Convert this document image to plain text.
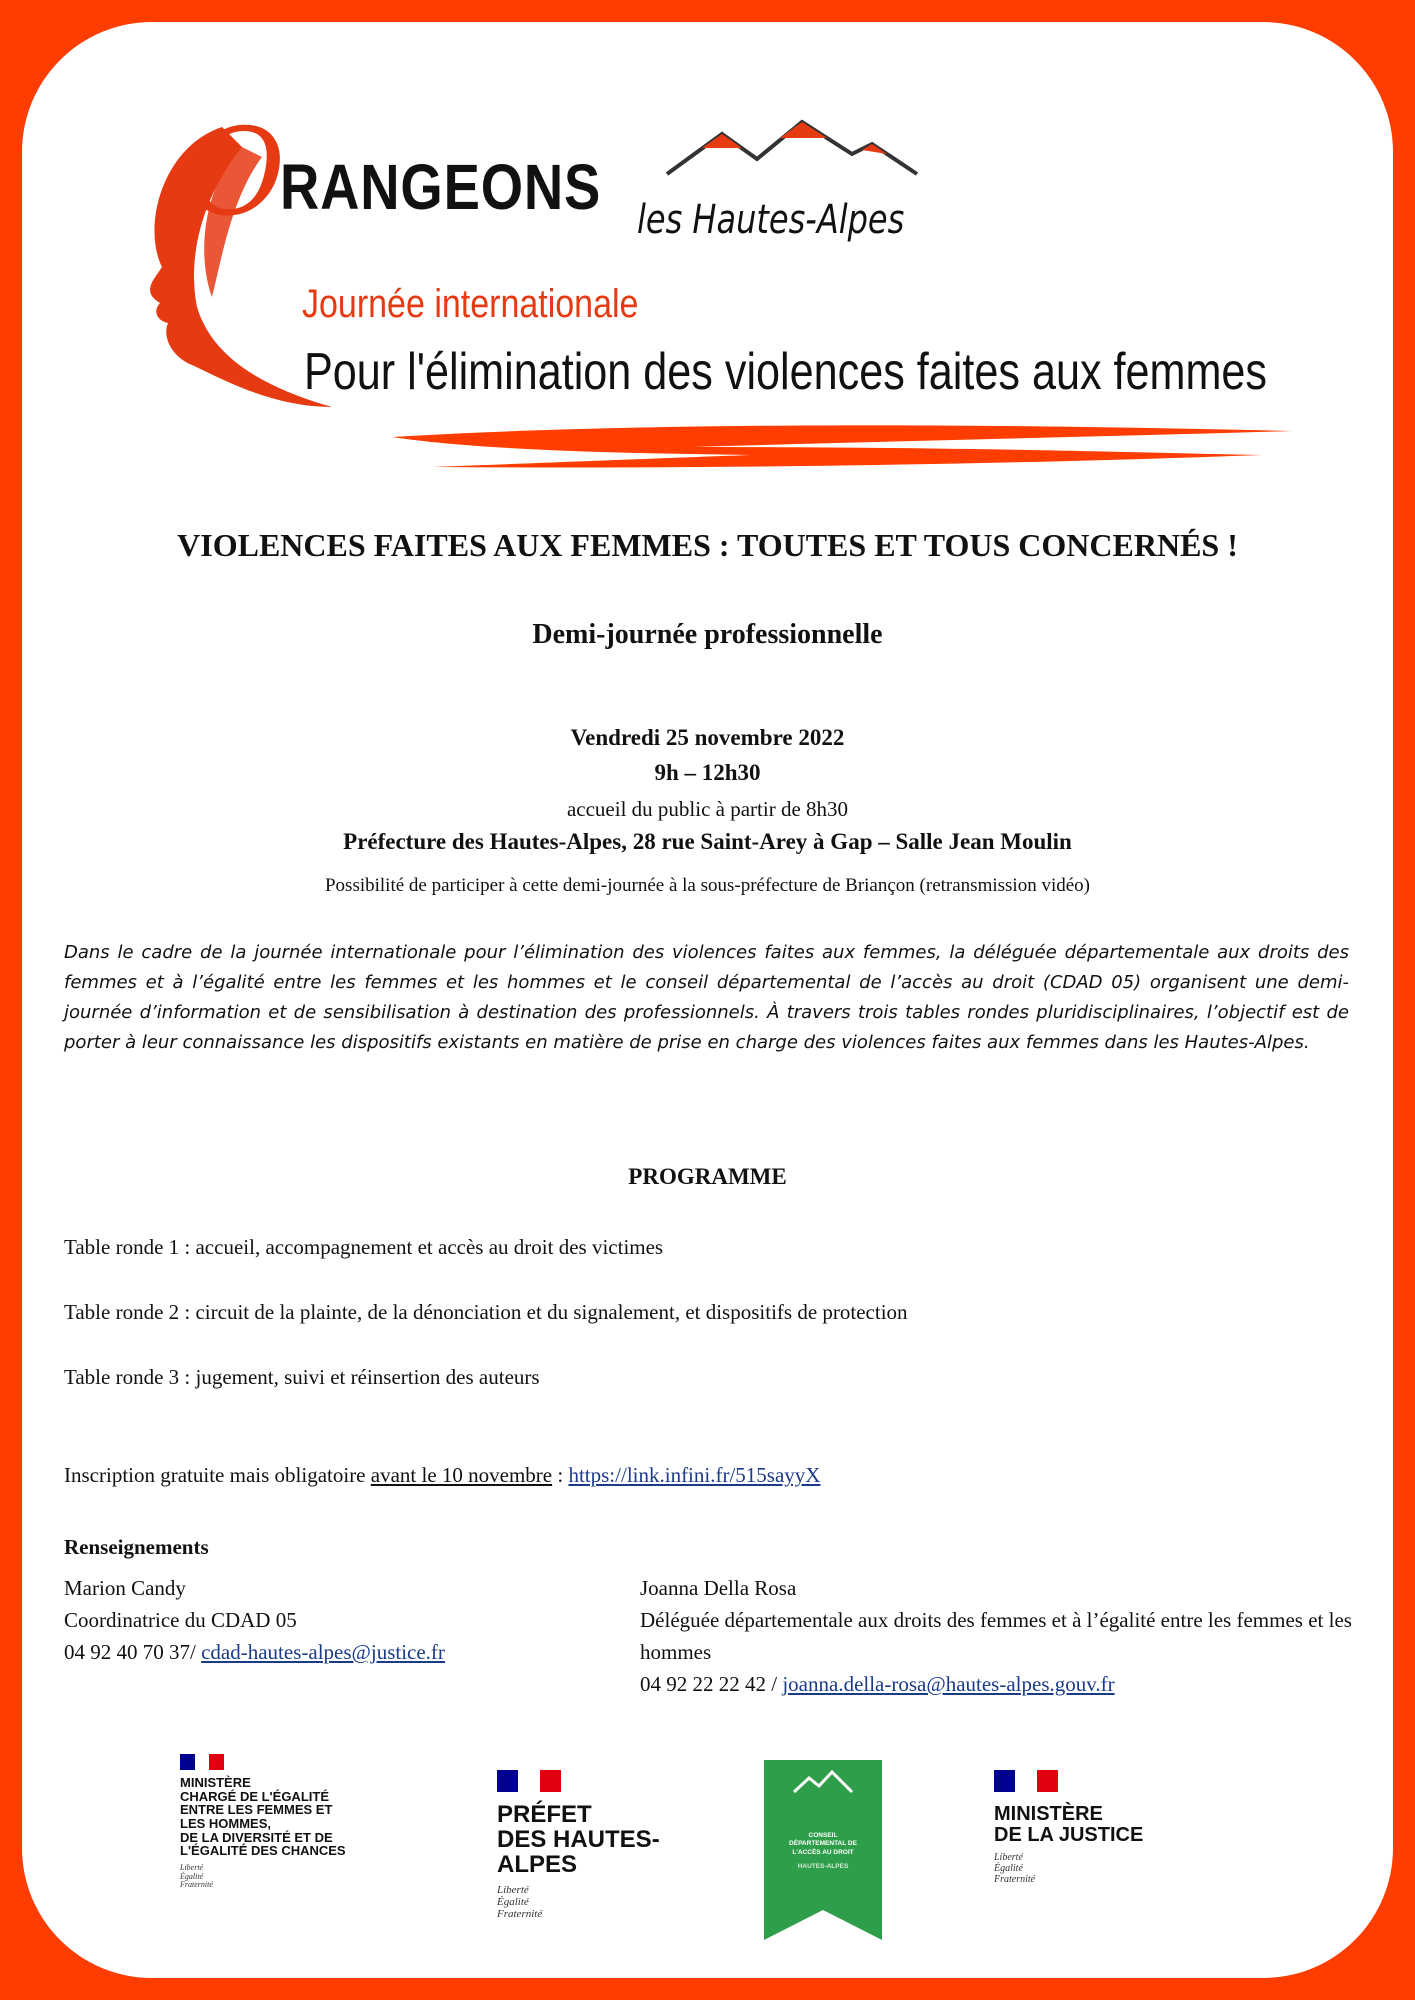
O
RANGEONS les Hautes-Alpes
Journée internationale
Pour l'élimination des violences faites aux femmes
VIOLENCES FAITES AUX FEMMES : TOUTES ET TOUS CONCERNÉS !
Demi-journée professionnelle
Vendredi 25 novembre 2022
9h – 12h30
accueil du public à partir de 8h30
Préfecture des Hautes-Alpes, 28 rue Saint-Arey à Gap – Salle Jean Moulin
Possibilité de participer à cette demi-journée à la sous-préfecture de Briançon (retransmission vidéo)
Dans le cadre de la journée internationale pour l’élimination des violences faites aux femmes, la déléguée départementale aux droits des femmes et à l’égalité entre les femmes et les hommes et le conseil départemental de l’accès au droit (CDAD 05) organisent une demi-journée d’information et de sensibilisation à destination des professionnels. À travers trois tables rondes pluridisciplinaires, l’objectif est de porter à leur connaissance les dispositifs existants en matière de prise en charge des violences faites aux femmes dans les Hautes-Alpes.
PROGRAMME
Table ronde 1 : accueil, accompagnement et accès au droit des victimes
Table ronde 2 : circuit de la plainte, de la dénonciation et du signalement, et dispositifs de protection
Table ronde 3 : jugement, suivi et réinsertion des auteurs
Inscription gratuite mais obligatoire avant le 10 novembre : https://link.infini.fr/515sayyX
Renseignements
Marion Candy
Coordinatrice du CDAD 05
04 92 40 70 37/ cdad-hautes-alpes@justice.fr
Joanna Della Rosa
Déléguée départementale aux droits des femmes et à l’égalité entre les femmes et les hommes
04 92 22 22 42 / joanna.della-rosa@hautes-alpes.gouv.fr
MINISTÈRE
CHARGÉ DE L'ÉGALITÉ
ENTRE LES FEMMES ET
LES HOMMES,
DE LA DIVERSITÉ ET DE
L'ÉGALITÉ DES CHANCES
Liberté
Égalité
Fraternité
PRÉFET
DES HAUTES-
ALPES
Liberté
Égalité
Fraternité
CONSEIL
DÉPARTEMENTAL DE
L'ACCÈS AU DROIT
HAUTES-ALPES
MINISTÈRE
DE LA JUSTICE
Liberté
Égalité
Fraternité
